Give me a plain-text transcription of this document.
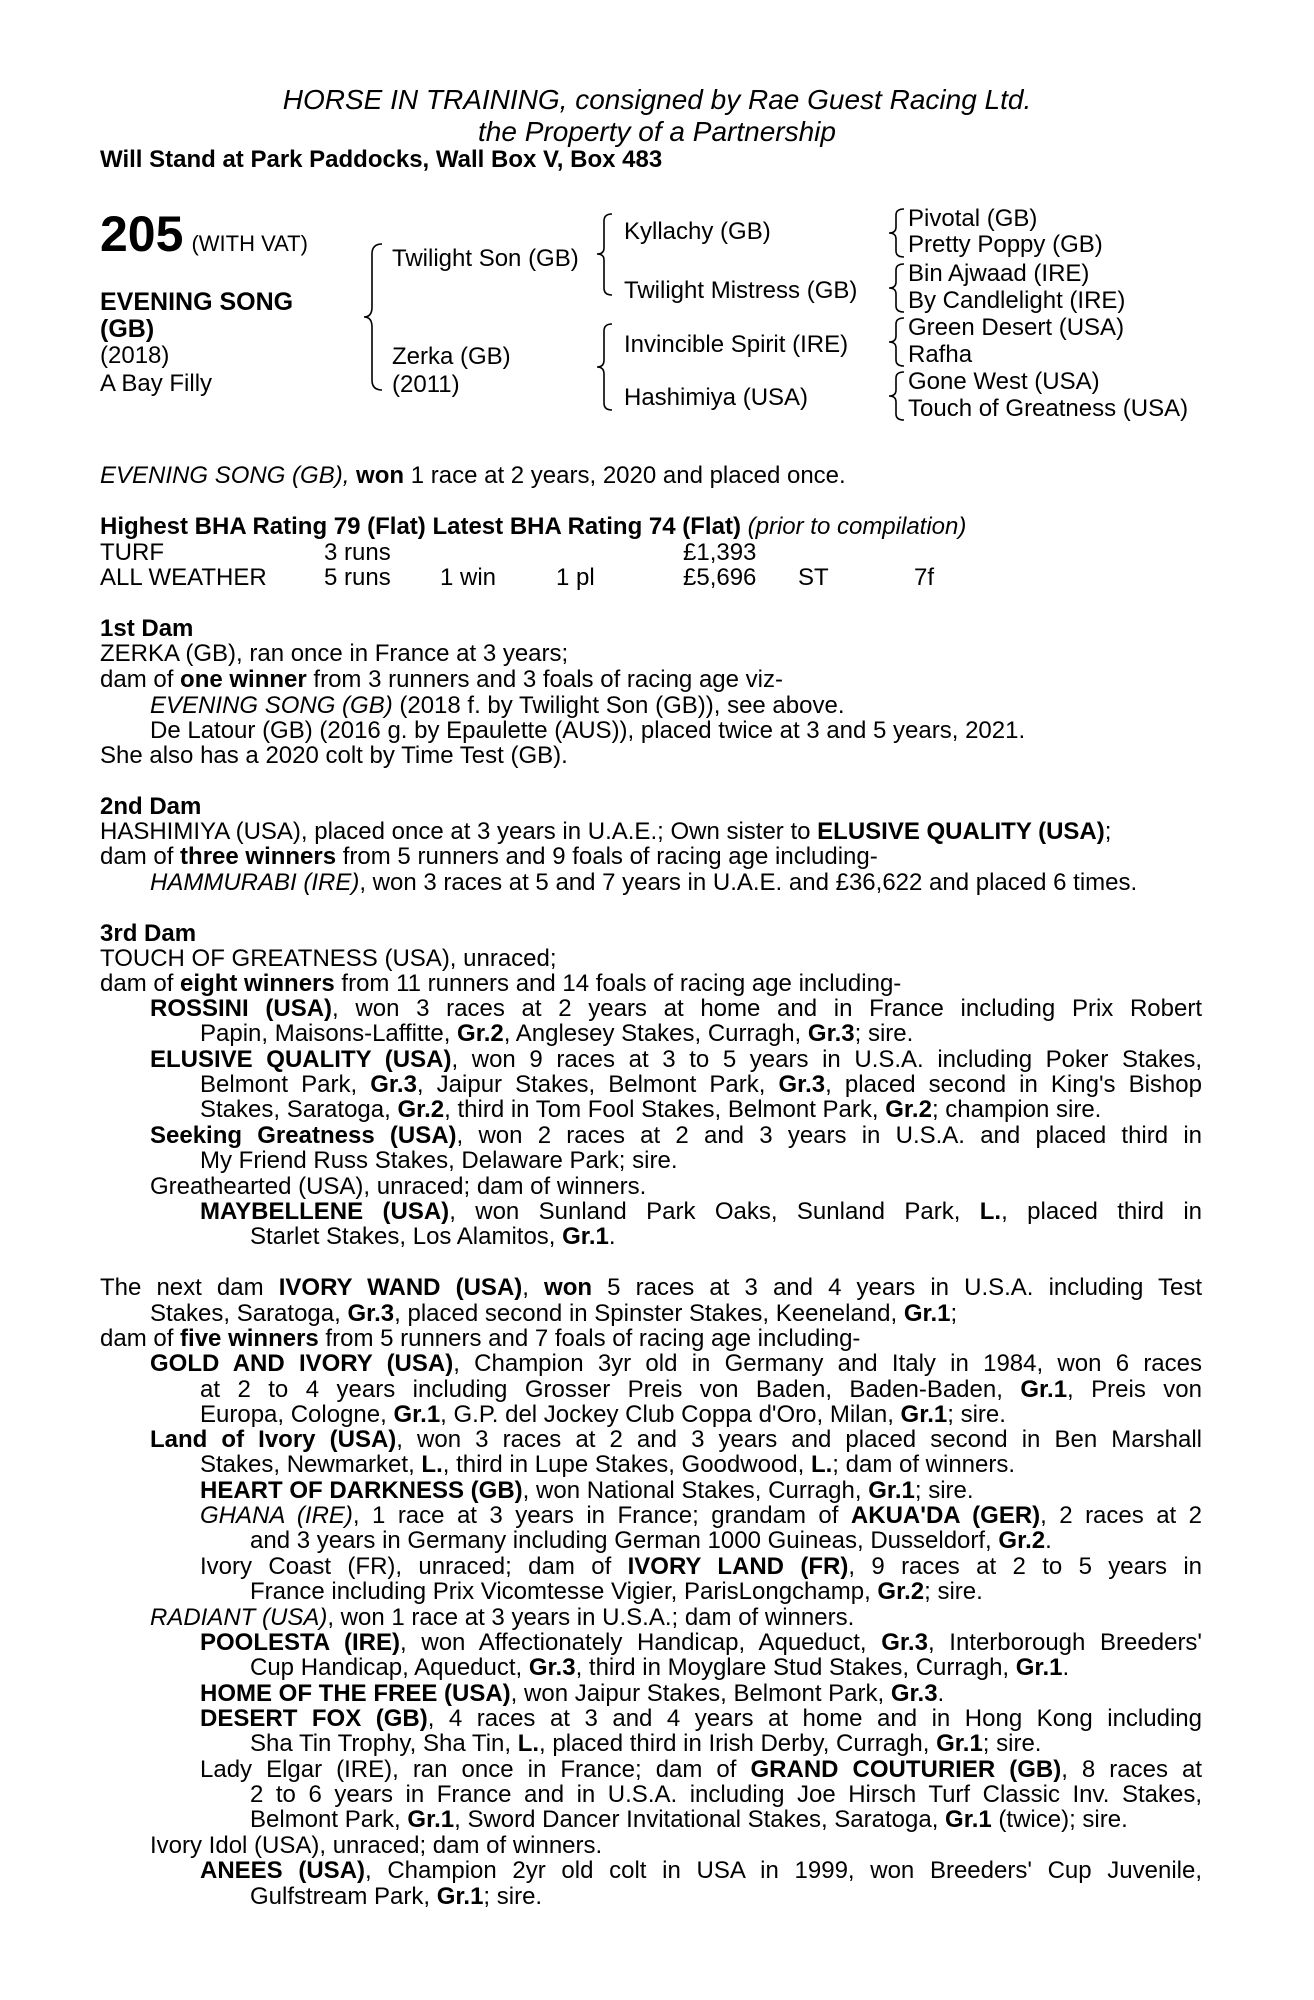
HORSE IN TRAINING, consigned by Rae Guest Racing Ltd.
the Property of a Partnership
Will Stand at Park Paddocks, Wall Box V, Box 483
205 (WITH VAT)
EVENING SONG
(GB)
(2018)
A Bay Filly
Twilight Son (GB)
Zerka (GB)
(2011)
Kyllachy (GB)
Twilight Mistress (GB)
Invincible Spirit (IRE)
Hashimiya (USA)
Pivotal (GB)
Pretty Poppy (GB)
Bin Ajwaad (IRE)
By Candlelight (IRE)
Green Desert (USA)
Rafha
Gone West (USA)
Touch of Greatness (USA)
EVENING SONG (GB), won 1 race at 2 years, 2020 and placed once.
Highest BHA Rating 79 (Flat) Latest BHA Rating 74 (Flat) (prior to compilation)
TURF	3 runs	£1,393
ALL WEATHER 5 runs 1 win 1 pl	£5,696 ST	7f
1st Dam
ZERKA (GB), ran once in France at 3 years;
dam of one winner from 3 runners and 3 foals of racing age viz-
EVENING SONG (GB) (2018 f. by Twilight Son (GB)), see above.
De Latour (GB) (2016 g. by Epaulette (AUS)), placed twice at 3 and 5 years, 2021.
She also has a 2020 colt by Time Test (GB).
2nd Dam
HASHIMIYA (USA), placed once at 3 years in U.A.E.; Own sister to ELUSIVE QUALITY (USA);
dam of three winners from 5 runners and 9 foals of racing age including-
HAMMURABI (IRE), won 3 races at 5 and 7 years in U.A.E. and £36,622 and placed 6 times.
3rd Dam
TOUCH OF GREATNESS (USA), unraced;
dam of eight winners from 11 runners and 14 foals of racing age including-
ROSSINI (USA), won 3 races at 2 years at home and in France including Prix Robert
Papin, Maisons-Laffitte, Gr.2, Anglesey Stakes, Curragh, Gr.3; sire.
ELUSIVE QUALITY (USA), won 9 races at 3 to 5 years in U.S.A. including Poker Stakes,
Belmont Park, Gr.3, Jaipur Stakes, Belmont Park, Gr.3, placed second in King's Bishop
Stakes, Saratoga, Gr.2, third in Tom Fool Stakes, Belmont Park, Gr.2; champion sire.
Seeking Greatness (USA), won 2 races at 2 and 3 years in U.S.A. and placed third in
My Friend Russ Stakes, Delaware Park; sire.
Greathearted (USA), unraced; dam of winners.
MAYBELLENE (USA), won Sunland Park Oaks, Sunland Park, L., placed third in
Starlet Stakes, Los Alamitos, Gr.1.
The next dam IVORY WAND (USA), won 5 races at 3 and 4 years in U.S.A. including Test
Stakes, Saratoga, Gr.3, placed second in Spinster Stakes, Keeneland, Gr.1;
dam of five winners from 5 runners and 7 foals of racing age including-
GOLD AND IVORY (USA), Champion 3yr old in Germany and Italy in 1984, won 6 races
at 2 to 4 years including Grosser Preis von Baden, Baden-Baden, Gr.1, Preis von
Europa, Cologne, Gr.1, G.P. del Jockey Club Coppa d'Oro, Milan, Gr.1; sire.
Land of Ivory (USA), won 3 races at 2 and 3 years and placed second in Ben Marshall
Stakes, Newmarket, L., third in Lupe Stakes, Goodwood, L.; dam of winners.
HEART OF DARKNESS (GB), won National Stakes, Curragh, Gr.1; sire.
GHANA (IRE), 1 race at 3 years in France; grandam of AKUA'DA (GER), 2 races at 2
and 3 years in Germany including German 1000 Guineas, Dusseldorf, Gr.2.
Ivory Coast (FR), unraced; dam of IVORY LAND (FR), 9 races at 2 to 5 years in
France including Prix Vicomtesse Vigier, ParisLongchamp, Gr.2; sire.
RADIANT (USA), won 1 race at 3 years in U.S.A.; dam of winners.
POOLESTA (IRE), won Affectionately Handicap, Aqueduct, Gr.3, Interborough Breeders'
Cup Handicap, Aqueduct, Gr.3, third in Moyglare Stud Stakes, Curragh, Gr.1.
HOME OF THE FREE (USA), won Jaipur Stakes, Belmont Park, Gr.3.
DESERT FOX (GB), 4 races at 3 and 4 years at home and in Hong Kong including
Sha Tin Trophy, Sha Tin, L., placed third in Irish Derby, Curragh, Gr.1; sire.
Lady Elgar (IRE), ran once in France; dam of GRAND COUTURIER (GB), 8 races at
2 to 6 years in France and in U.S.A. including Joe Hirsch Turf Classic Inv. Stakes,
Belmont Park, Gr.1, Sword Dancer Invitational Stakes, Saratoga, Gr.1 (twice); sire.
Ivory Idol (USA), unraced; dam of winners.
ANEES (USA), Champion 2yr old colt in USA in 1999, won Breeders' Cup Juvenile,
Gulfstream Park, Gr.1; sire.
